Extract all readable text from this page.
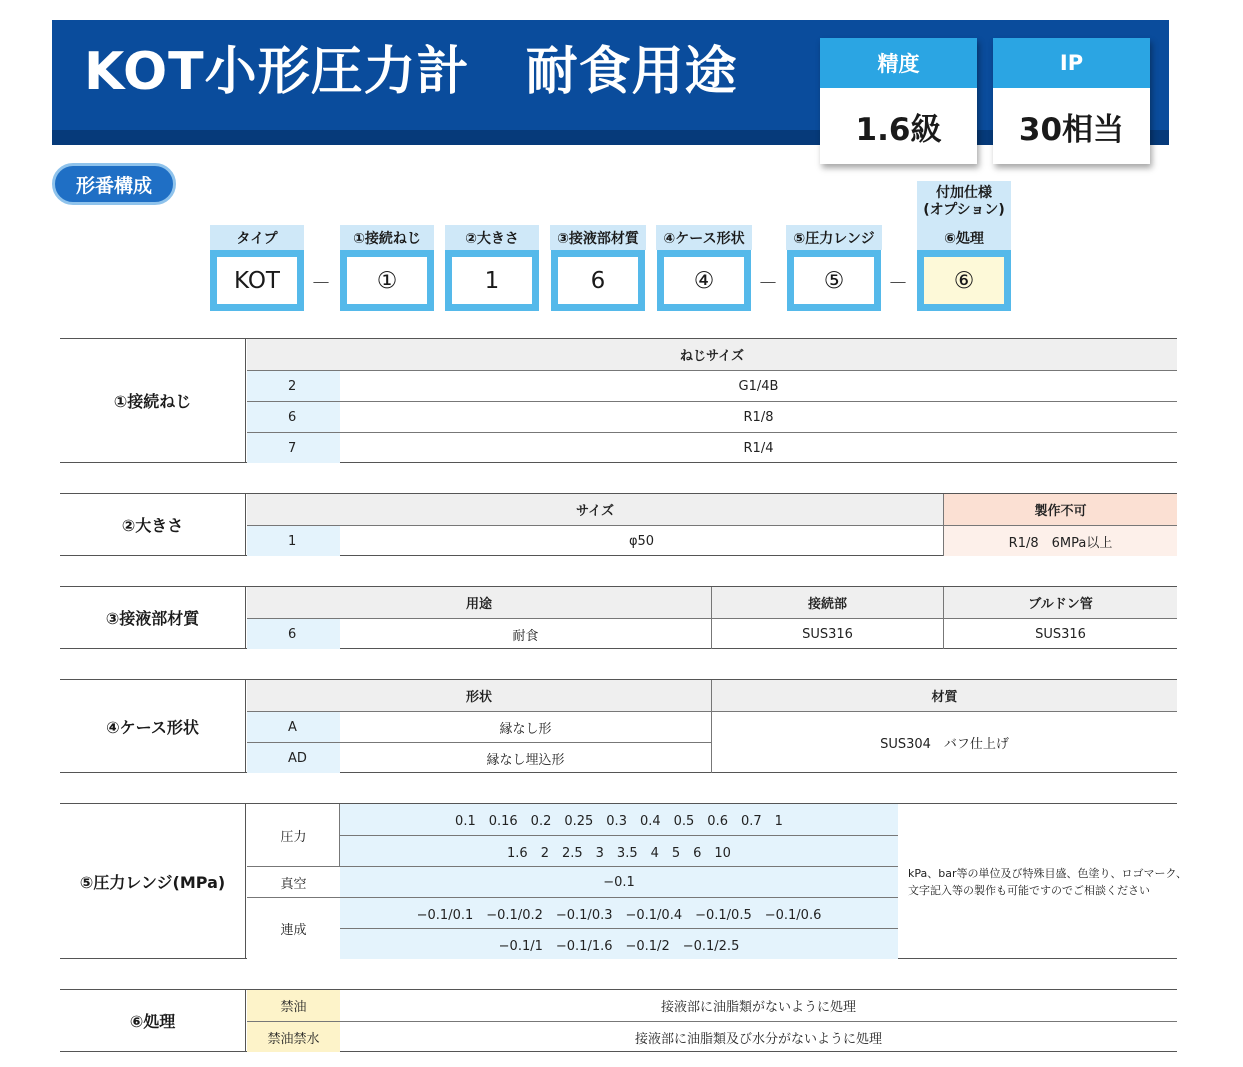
KOT小形圧力計 耐食用途	精度
1.6級
IP
30相当
形番構成	付加仕様
(オプション)
タイプ	①接続ねじ	②大きさ	③接液部材質	④ケース形状	⑤圧力レンジ	⑥処理
KOT	－	①	1	6	④	－	⑤	－	⑥
①接続ねじ
ねじサイズ
2	G1/4B
6	R1/8
7	R1/4
②大きさ
サイズ	製作不可
1	φ50	R1/8　6MPa以上
③接液部材質
用途	接続部	ブルドン管
6	耐食	SUS316	SUS316
④ケース形状
形状	材質
A	縁なし形
AD	縁なし埋込形
SUS304　バフ仕上げ
⑤圧力レンジ(MPa)
圧力
0.1　0.16　0.2　0.25　0.3　0.4　0.5　0.6　0.7　1
1.6　2　2.5　3　3.5　4　5　6　10
真空	−0.1
連成
−0.1/0.1　−0.1/0.2　−0.1/0.3　−0.1/0.4　−0.1/0.5　−0.1/0.6
−0.1/1　−0.1/1.6　−0.1/2　−0.1/2.5
kPa、bar等の単位及び特殊目盛、色塗り、ロゴマーク、
文字記入等の製作も可能ですのでご相談ください
⑥処理
禁油	接液部に油脂類がないように処理
禁油禁水	接液部に油脂類及び水分がないように処理
